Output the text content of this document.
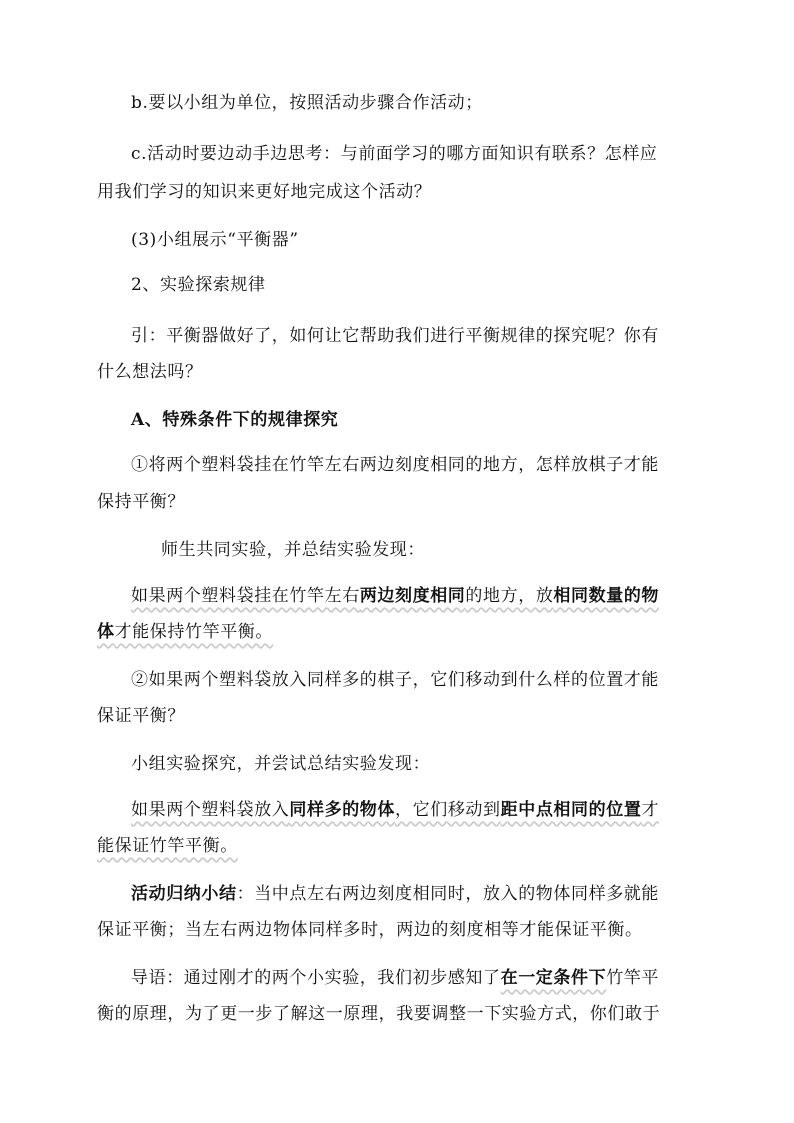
b.要以小组为单位，按照活动步骤合作活动；
c.活动时要边动手边思考：与前面学习的哪方面知识有联系？怎样应
用我们学习的知识来更好地完成这个活动？
(3)小组展示“平衡器”
2、实验探索规律
引：平衡器做好了，如何让它帮助我们进行平衡规律的探究呢？你有
什么想法吗？
A、特殊条件下的规律探究
①将两个塑料袋挂在竹竿左右两边刻度相同的地方，怎样放棋子才能
保持平衡？
师生共同实验，并总结实验发现：
如果两个塑料袋挂在竹竿左右两边刻度相同的地方，放相同数量的物
体才能保持竹竿平衡。
②如果两个塑料袋放入同样多的棋子，它们移动到什么样的位置才能
保证平衡？
小组实验探究，并尝试总结实验发现：
如果两个塑料袋放入同样多的物体，它们移动到距中点相同的位置才
能保证竹竿平衡。
活动归纳小结：当中点左右两边刻度相同时，放入的物体同样多就能
保证平衡；当左右两边物体同样多时，两边的刻度相等才能保证平衡。
导语：通过刚才的两个小实验，我们初步感知了在一定条件下竹竿平
衡的原理，为了更一步了解这一原理，我要调整一下实验方式，你们敢于
